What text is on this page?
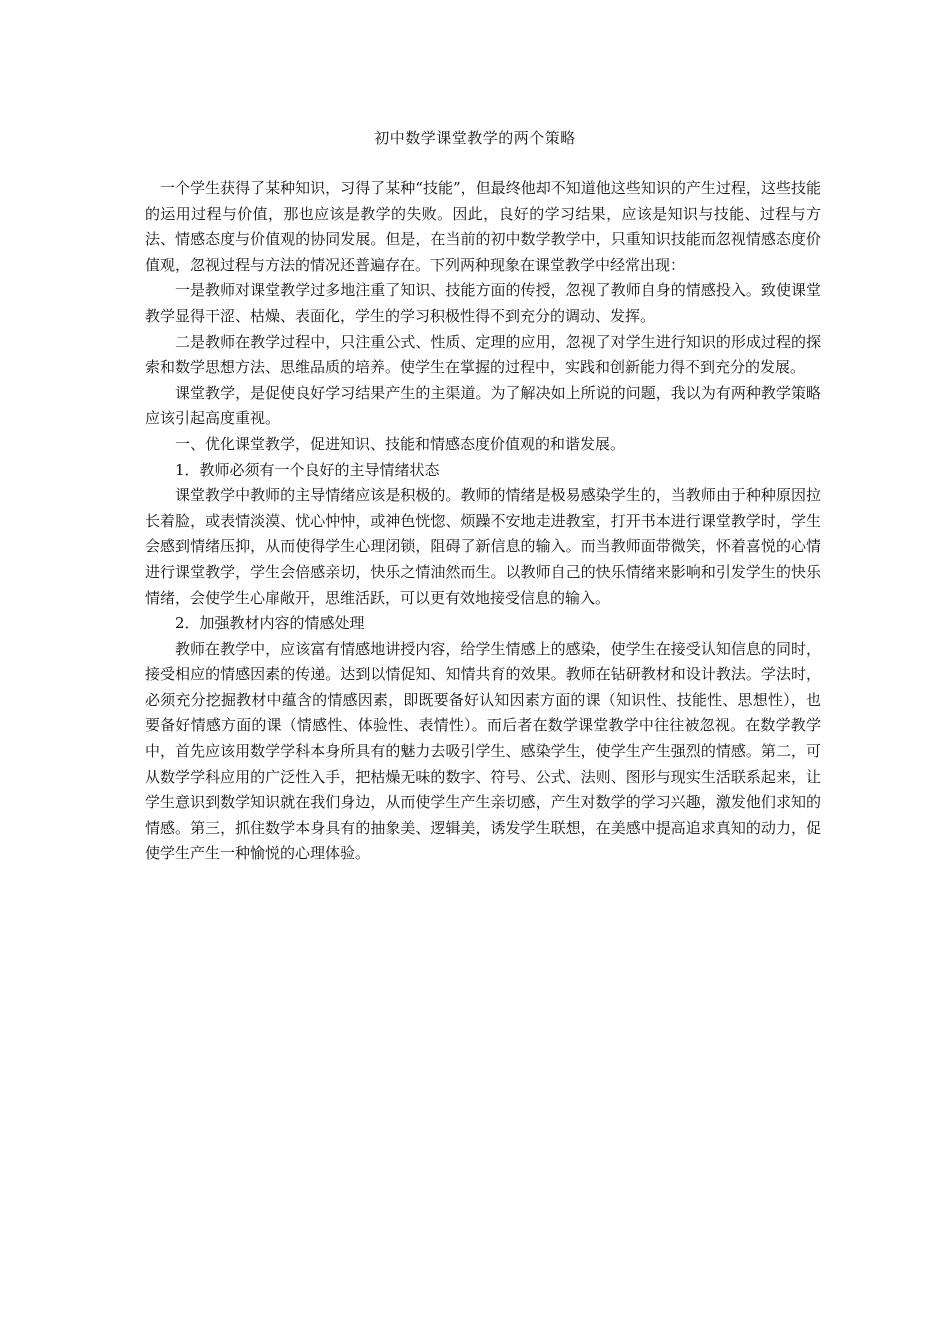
初中数学课堂教学的两个策略

一个学生获得了某种知识，习得了某种“技能”，但最终他却不知道他这些知识的产生过程，这些技能的运用过程与价值，那也应该是教学的失败。因此，良好的学习结果，应该是知识与技能、过程与方法、情感态度与价值观的协同发展。但是，在当前的初中数学教学中，只重知识技能而忽视情感态度价值观，忽视过程与方法的情况还普遍存在。下列两种现象在课堂教学中经常出现：

一是教师对课堂教学过多地注重了知识、技能方面的传授，忽视了教师自身的情感投入。致使课堂教学显得干涩、枯燥、表面化，学生的学习积极性得不到充分的调动、发挥。

二是教师在教学过程中，只注重公式、性质、定理的应用，忽视了对学生进行知识的形成过程的探索和数学思想方法、思维品质的培养。使学生在掌握的过程中，实践和创新能力得不到充分的发展。

课堂教学，是促使良好学习结果产生的主渠道。为了解决如上所说的问题，我以为有两种教学策略应该引起高度重视。

一、优化课堂教学，促进知识、技能和情感态度价值观的和谐发展。

1．教师必须有一个良好的主导情绪状态

课堂教学中教师的主导情绪应该是积极的。教师的情绪是极易感染学生的，当教师由于种种原因拉长着脸，或表情淡漠、忧心忡忡，或神色恍惚、烦躁不安地走进教室，打开书本进行课堂教学时，学生会感到情绪压抑，从而使得学生心理闭锁，阻碍了新信息的输入。而当教师面带微笑，怀着喜悦的心情进行课堂教学，学生会倍感亲切，快乐之情油然而生。以教师自己的快乐情绪来影响和引发学生的快乐情绪，会使学生心扉敞开，思维活跃，可以更有效地接受信息的输入。

2．加强教材内容的情感处理

教师在教学中，应该富有情感地讲授内容，给学生情感上的感染，使学生在接受认知信息的同时，接受相应的情感因素的传递。达到以情促知、知情共育的效果。教师在钻研教材和设计教法。学法时，必须充分挖掘教材中蕴含的情感因素，即既要备好认知因素方面的课（知识性、技能性、思想性），也要备好情感方面的课（情感性、体验性、表情性）。而后者在数学课堂教学中往往被忽视。在数学教学中，首先应该用数学学科本身所具有的魅力去吸引学生、感染学生，使学生产生强烈的情感。第二，可从数学学科应用的广泛性入手，把枯燥无味的数字、符号、公式、法则、图形与现实生活联系起来，让学生意识到数学知识就在我们身边，从而使学生产生亲切感，产生对数学的学习兴趣，激发他们求知的情感。第三，抓住数学本身具有的抽象美、逻辑美，诱发学生联想，在美感中提高追求真知的动力，促使学生产生一种愉悦的心理体验。
